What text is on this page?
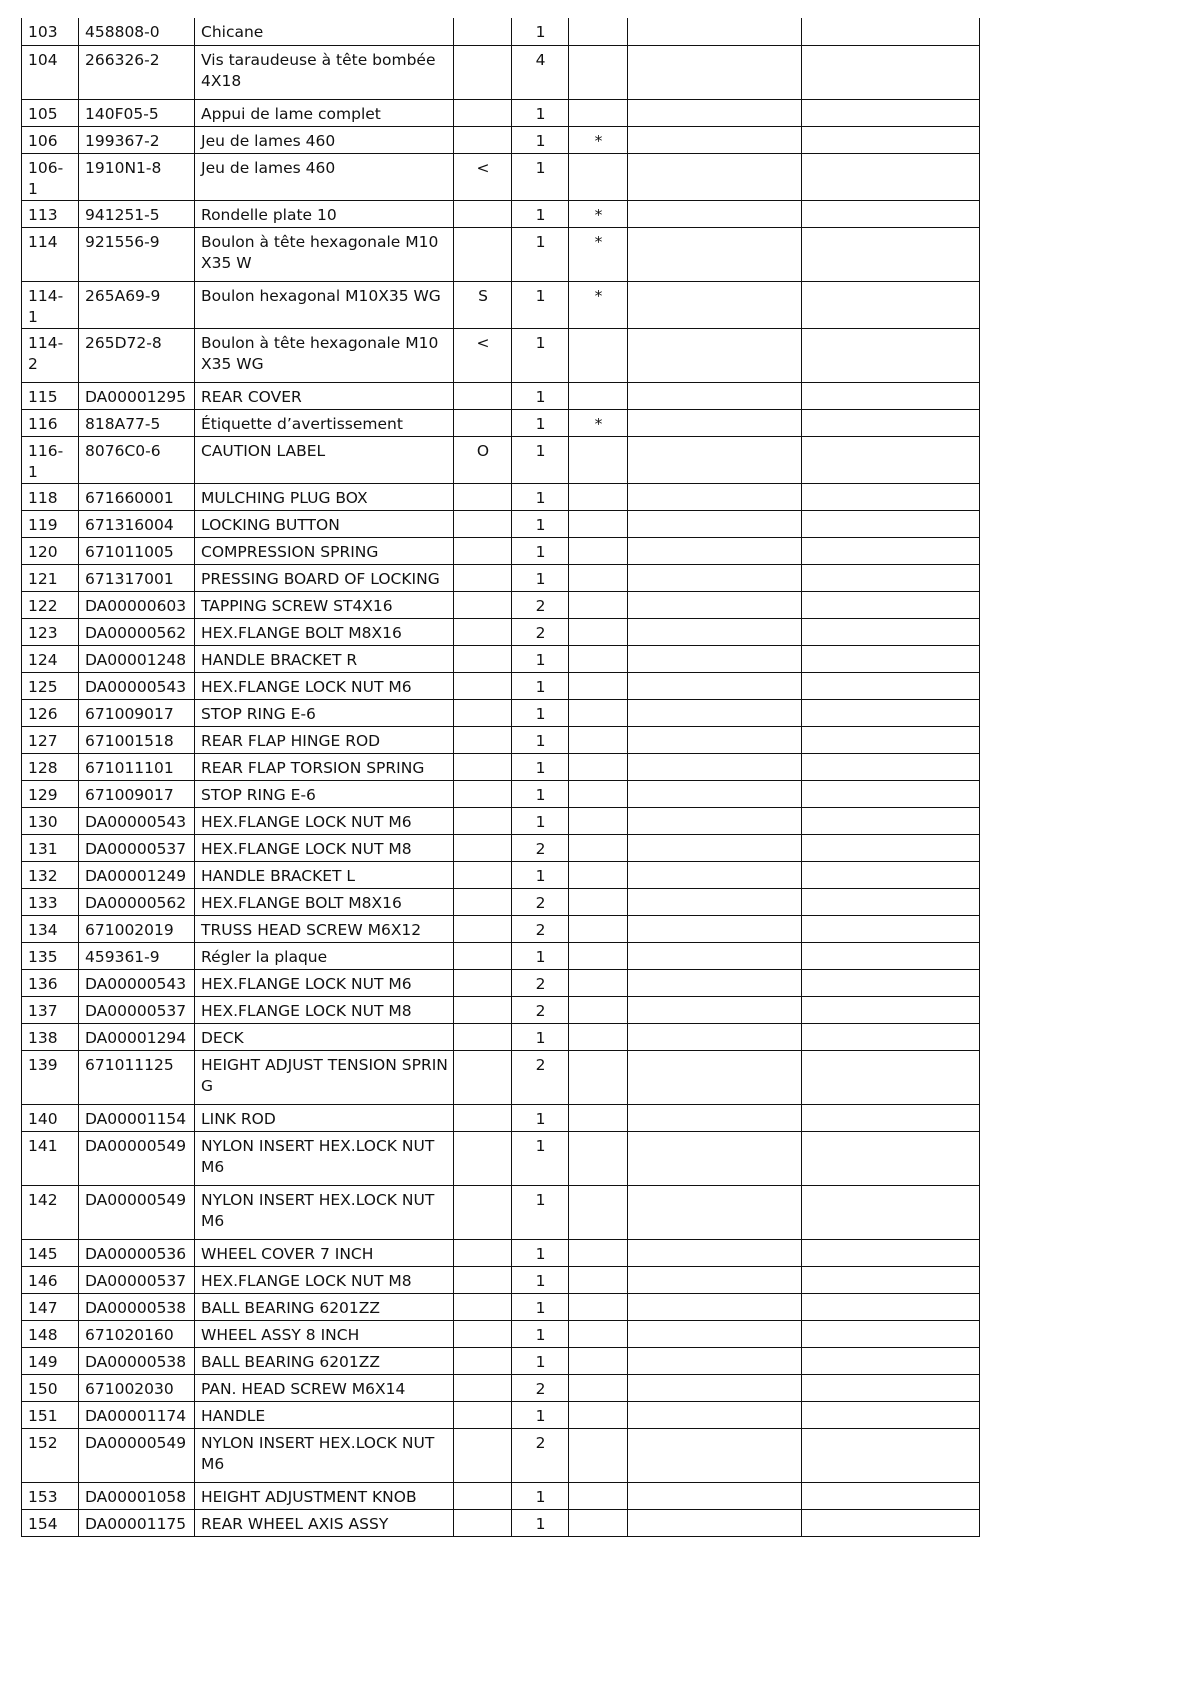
103	458808-0	Chicane		1			
104	266326-2	Vis taraudeuse à tête bombée 4X18		4			
105	140F05-5	Appui de lame complet		1			
106	199367-2	Jeu de lames 460		1	*		
106-1	1910N1-8	Jeu de lames 460	<	1			
113	941251-5	Rondelle plate 10		1	*		
114	921556-9	Boulon à tête hexagonale M10X35 W		1	*		
114-1	265A69-9	Boulon hexagonal M10X35 WG	S	1	*		
114-2	265D72-8	Boulon à tête hexagonale M10X35 WG	<	1			
115	DA00001295	REAR COVER		1			
116	818A77-5	Étiquette d’avertissement		1	*		
116-1	8076C0-6	CAUTION LABEL	O	1			
118	671660001	MULCHING PLUG BOX		1			
119	671316004	LOCKING BUTTON		1			
120	671011005	COMPRESSION SPRING		1			
121	671317001	PRESSING BOARD OF LOCKING		1			
122	DA00000603	TAPPING SCREW ST4X16		2			
123	DA00000562	HEX.FLANGE BOLT M8X16		2			
124	DA00001248	HANDLE BRACKET R		1			
125	DA00000543	HEX.FLANGE LOCK NUT M6		1			
126	671009017	STOP RING E-6		1			
127	671001518	REAR FLAP HINGE ROD		1			
128	671011101	REAR FLAP TORSION SPRING		1			
129	671009017	STOP RING E-6		1			
130	DA00000543	HEX.FLANGE LOCK NUT M6		1			
131	DA00000537	HEX.FLANGE LOCK NUT M8		2			
132	DA00001249	HANDLE BRACKET L		1			
133	DA00000562	HEX.FLANGE BOLT M8X16		2			
134	671002019	TRUSS HEAD SCREW M6X12		2			
135	459361-9	Régler la plaque		1			
136	DA00000543	HEX.FLANGE LOCK NUT M6		2			
137	DA00000537	HEX.FLANGE LOCK NUT M8		2			
138	DA00001294	DECK		1			
139	671011125	HEIGHT ADJUST TENSION SPRING		2			
140	DA00001154	LINK ROD		1			
141	DA00000549	NYLON INSERT HEX.LOCK NUT M6		1			
142	DA00000549	NYLON INSERT HEX.LOCK NUT M6		1			
145	DA00000536	WHEEL COVER 7 INCH		1			
146	DA00000537	HEX.FLANGE LOCK NUT M8		1			
147	DA00000538	BALL BEARING 6201ZZ		1			
148	671020160	WHEEL ASSY 8 INCH		1			
149	DA00000538	BALL BEARING 6201ZZ		1			
150	671002030	PAN. HEAD SCREW M6X14		2			
151	DA00001174	HANDLE		1			
152	DA00000549	NYLON INSERT HEX.LOCK NUT M6		2			
153	DA00001058	HEIGHT ADJUSTMENT KNOB		1			
154	DA00001175	REAR WHEEL AXIS ASSY		1			
